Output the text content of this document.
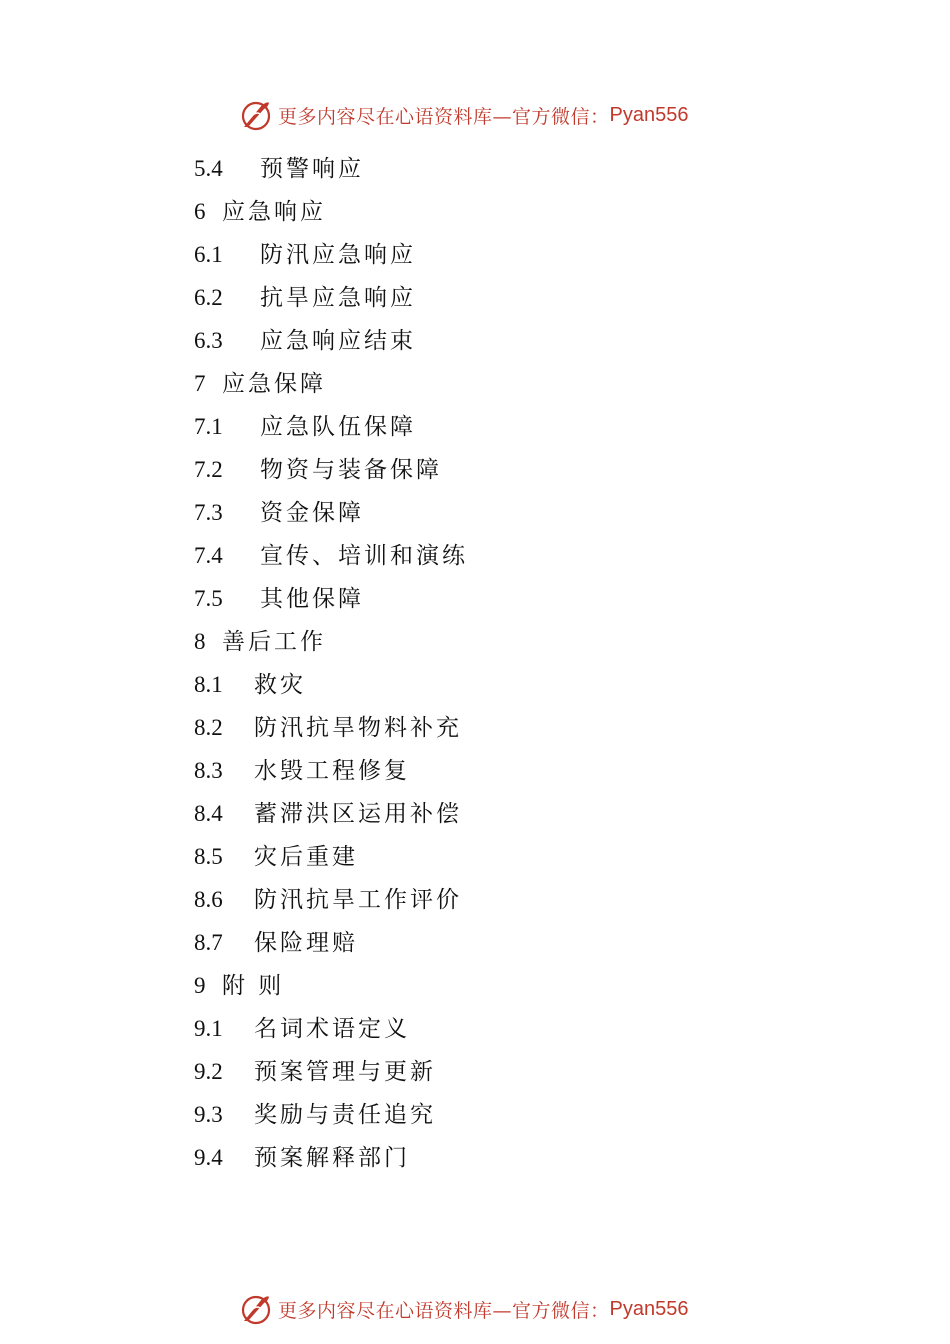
更多内容尽在心语资料库—官方微信： Pyan556
5.4 预警响应
6 应急响应
6.1 防汛应急响应
6.2 抗旱应急响应
6.3 应急响应结束
7 应急保障
7.1 应急队伍保障
7.2 物资与装备保障
7.3 资金保障
7.4 宣传、培训和演练
7.5 其他保障
8 善后工作
8.1 救灾
8.2 防汛抗旱物料补充
8.3 水毁工程修复
8.4 蓄滞洪区运用补偿
8.5 灾后重建
8.6 防汛抗旱工作评价
8.7 保险理赔
9 附 则
9.1 名词术语定义
9.2 预案管理与更新
9.3 奖励与责任追究
9.4 预案解释部门
更多内容尽在心语资料库—官方微信： Pyan556
